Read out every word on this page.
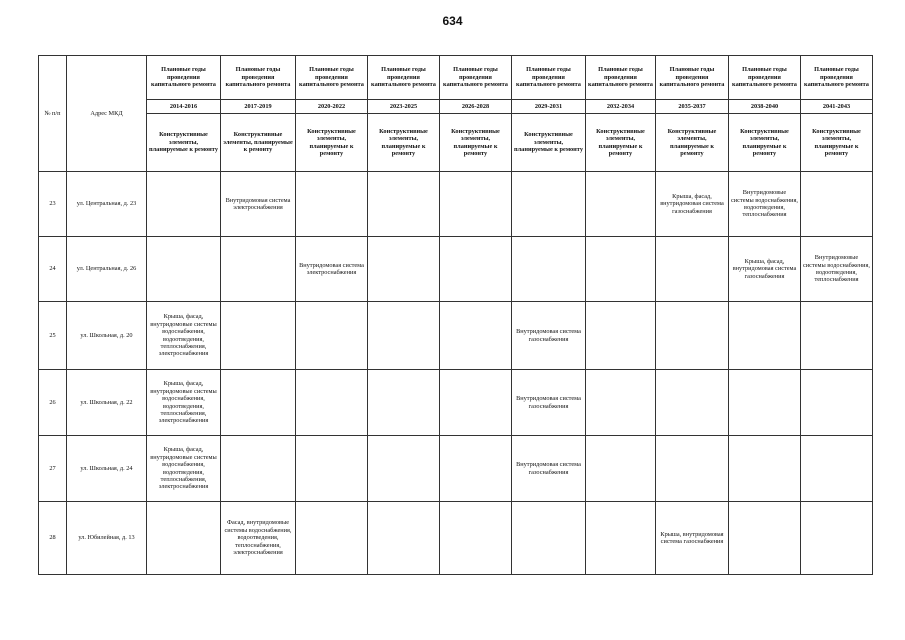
634
№ п/п	Адрес МКД	Плановые годы проведения капитального ремонта	Плановые годы проведения капитального ремонта	Плановые годы проведения капитального ремонта	Плановые годы проведения капитального ремонта	Плановые годы проведения капитального ремонта	Плановые годы проведения капитального ремонта	Плановые годы проведения капитального ремонта	Плановые годы проведения капитального ремонта	Плановые годы проведения капитального ремонта	Плановые годы проведения капитального ремонта
		2014-2016	2017-2019	2020-2022	2023-2025	2026-2028	2029-2031	2032-2034	2035-2037	2038-2040	2041-2043
		Конструктивные элементы, планируемые к ремонту	Конструктивные элементы, планируемые к ремонту	Конструктивные элементы, планируемые к ремонту	Конструктивные элементы, планируемые к ремонту	Конструктивные элементы, планируемые к ремонту	Конструктивные элементы, планируемые к ремонту	Конструктивные элементы, планируемые к ремонту	Конструктивные элементы, планируемые к ремонту	Конструктивные элементы, планируемые к ремонту	Конструктивные элементы, планируемые к ремонту
23	ул. Центральная, д. 23		Внутридомовая система электроснабжения						Крыша, фасад, внутридомовая система газоснабжения	Внутридомовые системы водоснабжения, водоотведения, теплоснабжения	
24	ул. Центральная, д. 26			Внутридомовая система электроснабжения						Крыша, фасад, внутридомовая система газоснабжения	Внутридомовые системы водоснабжения, водоотведения, теплоснабжения
25	ул. Школьная, д. 20	Крыша, фасад, внутридомовые системы водоснабжения, водоотведения, теплоснабжения, электроснабжения					Внутридомовая система газоснабжения				
26	ул. Школьная, д. 22	Крыша, фасад, внутридомовые системы водоснабжения, водоотведения, теплоснабжения, электроснабжения					Внутридомовая система газоснабжения				
27	ул. Школьная, д. 24	Крыша, фасад, внутридомовые системы водоснабжения, водоотведения, теплоснабжения, электроснабжения					Внутридомовая система газоснабжения				
28	ул. Юбилейная, д. 13		Фасад, внутридомовые системы водоснабжения, водоотведения, теплоснабжения, электроснабжения						Крыша, внутридомовая система газоснабжения		
